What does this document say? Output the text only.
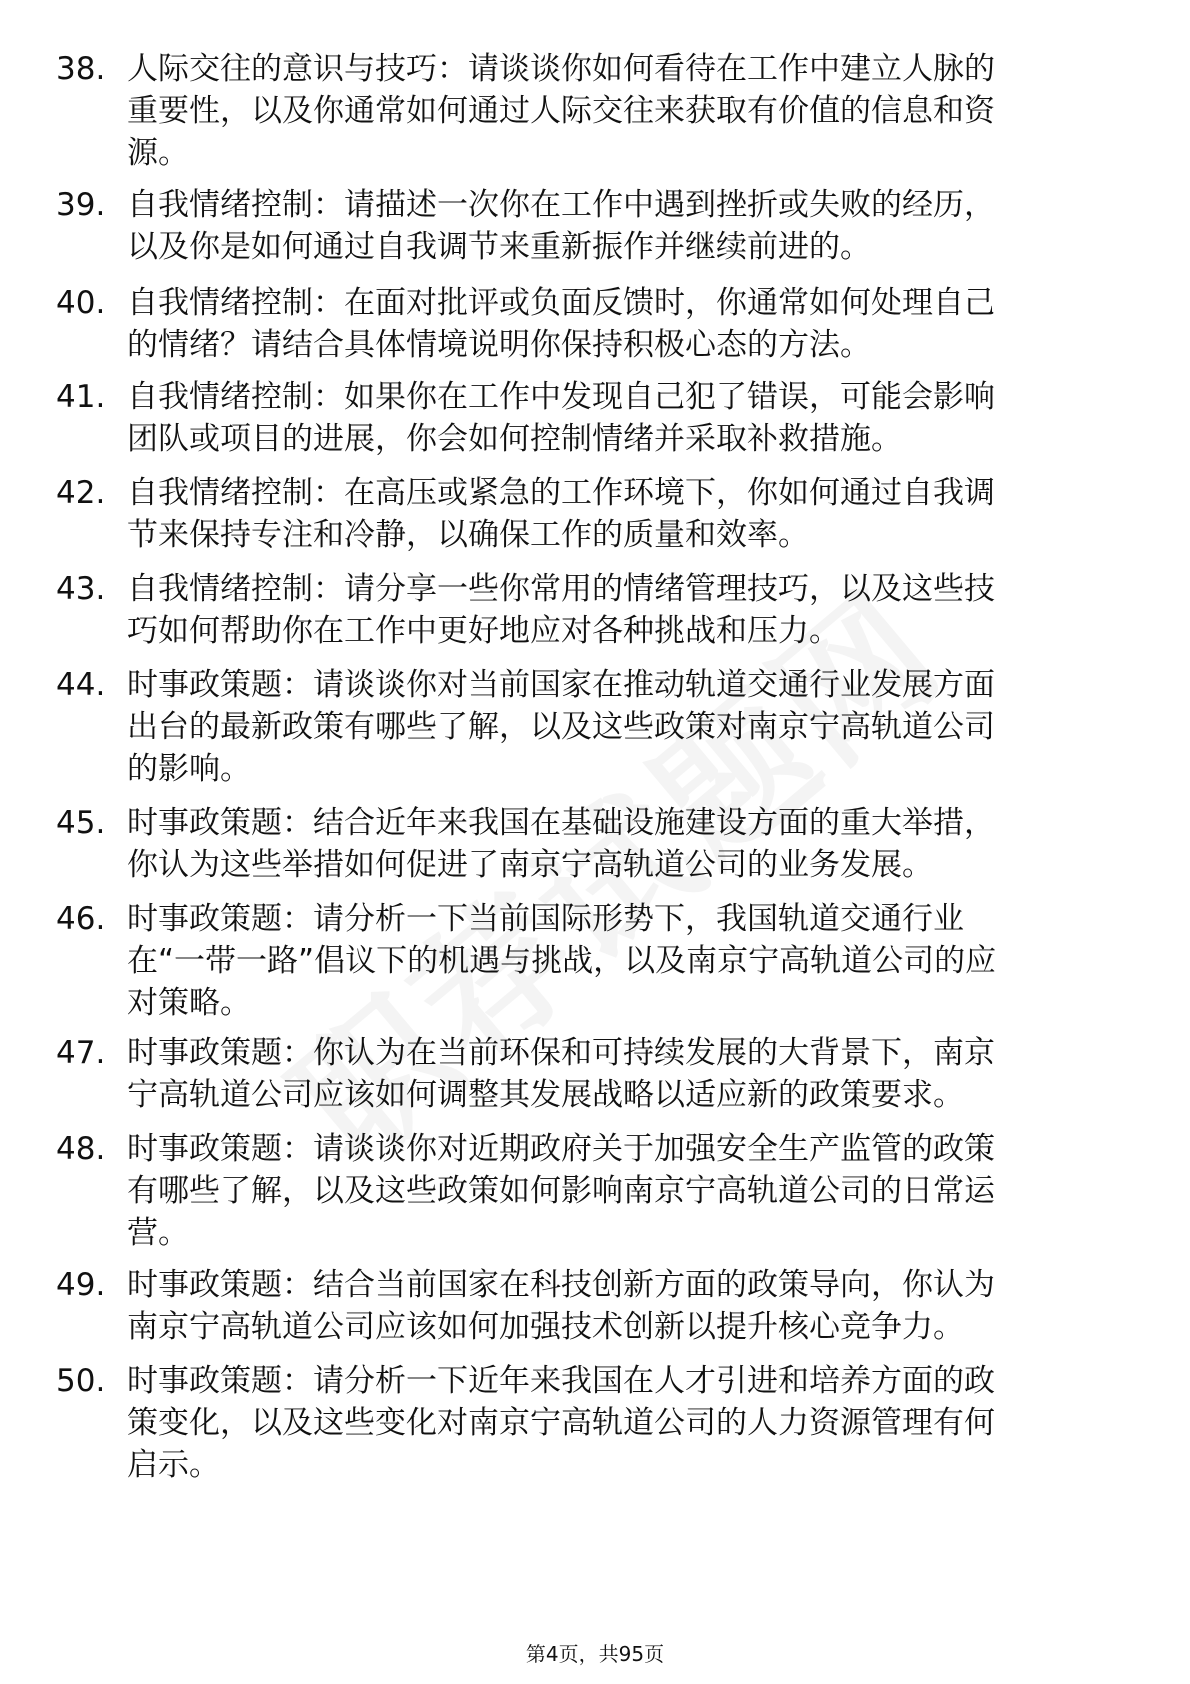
38. 人际交往的意识与技巧：请谈谈你如何看待在工作中建立人脉的
重要性，以及你通常如何通过人际交往来获取有价值的信息和资
源。
39. 自我情绪控制：请描述一次你在工作中遇到挫折或失败的经历，
以及你是如何通过自我调节来重新振作并继续前进的。
40. 自我情绪控制：在面对批评或负面反馈时，你通常如何处理自己
的情绪？请结合具体情境说明你保持积极心态的方法。
41. 自我情绪控制：如果你在工作中发现自己犯了错误，可能会影响
团队或项目的进展，你会如何控制情绪并采取补救措施。
42. 自我情绪控制：在高压或紧急的工作环境下，你如何通过自我调
节来保持专注和冷静，以确保工作的质量和效率。
43. 自我情绪控制：请分享一些你常用的情绪管理技巧，以及这些技
巧如何帮助你在工作中更好地应对各种挑战和压力。
44. 时事政策题：请谈谈你对当前国家在推动轨道交通行业发展方面
出台的最新政策有哪些了解，以及这些政策对南京宁高轨道公司
的影响。
45. 时事政策题：结合近年来我国在基础设施建设方面的重大举措，
你认为这些举措如何促进了南京宁高轨道公司的业务发展。
46. 时事政策题：请分析一下当前国际形势下，我国轨道交通行业
在“一带一路”倡议下的机遇与挑战，以及南京宁高轨道公司的应
对策略。
47. 时事政策题：你认为在当前环保和可持续发展的大背景下，南京
宁高轨道公司应该如何调整其发展战略以适应新的政策要求。
48. 时事政策题：请谈谈你对近期政府关于加强安全生产监管的政策
有哪些了解，以及这些政策如何影响南京宁高轨道公司的日常运
营。
49. 时事政策题：结合当前国家在科技创新方面的政策导向，你认为
南京宁高轨道公司应该如何加强技术创新以提升核心竞争力。
50. 时事政策题：请分析一下近年来我国在人才引进和培养方面的政
策变化，以及这些变化对南京宁高轨道公司的人力资源管理有何
启示。
第4页，共95页
